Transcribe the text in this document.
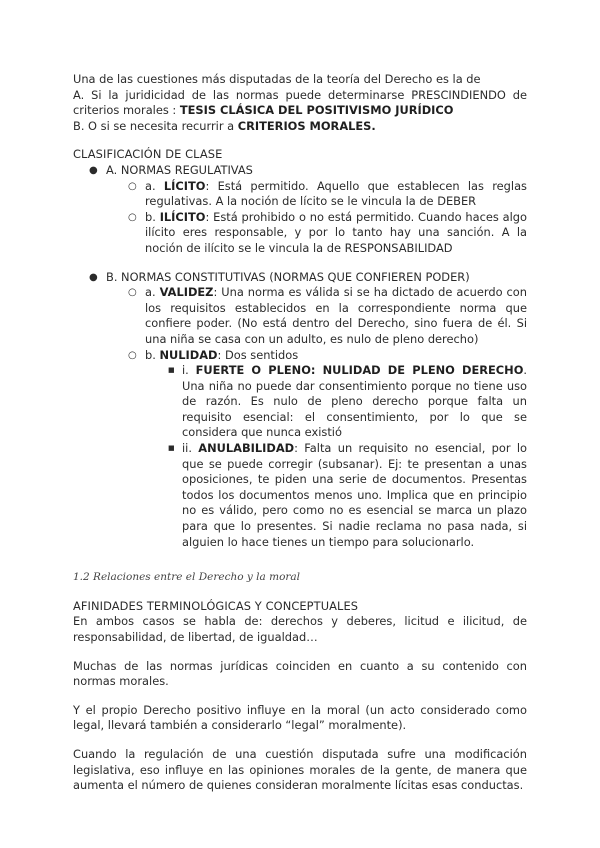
Una de las cuestiones más disputadas de la teoría del Derecho es la de

A. Si la juridicidad de las normas puede determinarse PRESCINDIENDO de criterios morales : TESIS CLÁSICA DEL POSITIVISMO JURÍDICO

B. O si se necesita recurrir a CRITERIOS MORALES.

CLASIFICACIÓN DE CLASE

● A. NORMAS REGULATIVAS
○ a. LÍCITO: Está permitido. Aquello que establecen las reglas regulativas. A la noción de lícito se le vincula la de DEBER
○ b. ILÍCITO: Está prohibido o no está permitido. Cuando haces algo ilícito eres responsable, y por lo tanto hay una sanción. A la noción de ilícito se le vincula la de RESPONSABILIDAD
● B. NORMAS CONSTITUTIVAS (NORMAS QUE CONFIEREN PODER)
○ a. VALIDEZ: Una norma es válida si se ha dictado de acuerdo con los requisitos establecidos en la correspondiente norma que confiere poder. (No está dentro del Derecho, sino fuera de él. Si una niña se casa con un adulto, es nulo de pleno derecho)
○ b. NULIDAD: Dos sentidos
■ i. FUERTE O PLENO: NULIDAD DE PLENO DERECHO. Una niña no puede dar consentimiento porque no tiene uso de razón. Es nulo de pleno derecho porque falta un requisito esencial: el consentimiento, por lo que se considera que nunca existió
■ ii. ANULABILIDAD: Falta un requisito no esencial, por lo que se puede corregir (subsanar). Ej: te presentan a unas oposiciones, te piden una serie de documentos. Presentas todos los documentos menos uno. Implica que en principio no es válido, pero como no es esencial se marca un plazo para que lo presentes. Si nadie reclama no pasa nada, si alguien lo hace tienes un tiempo para solucionarlo.

1.2 Relaciones entre el Derecho y la moral

AFINIDADES TERMINOLÓGICAS Y CONCEPTUALES

En ambos casos se habla de: derechos y deberes, licitud e ilicitud, de responsabilidad, de libertad, de igualdad…

Muchas de las normas jurídicas coinciden en cuanto a su contenido con normas morales.

Y el propio Derecho positivo influye en la moral (un acto considerado como legal, llevará también a considerarlo “legal” moralmente).

Cuando la regulación de una cuestión disputada sufre una modificación legislativa, eso influye en las opiniones morales de la gente, de manera que aumenta el número de quienes consideran moralmente lícitas esas conductas.
